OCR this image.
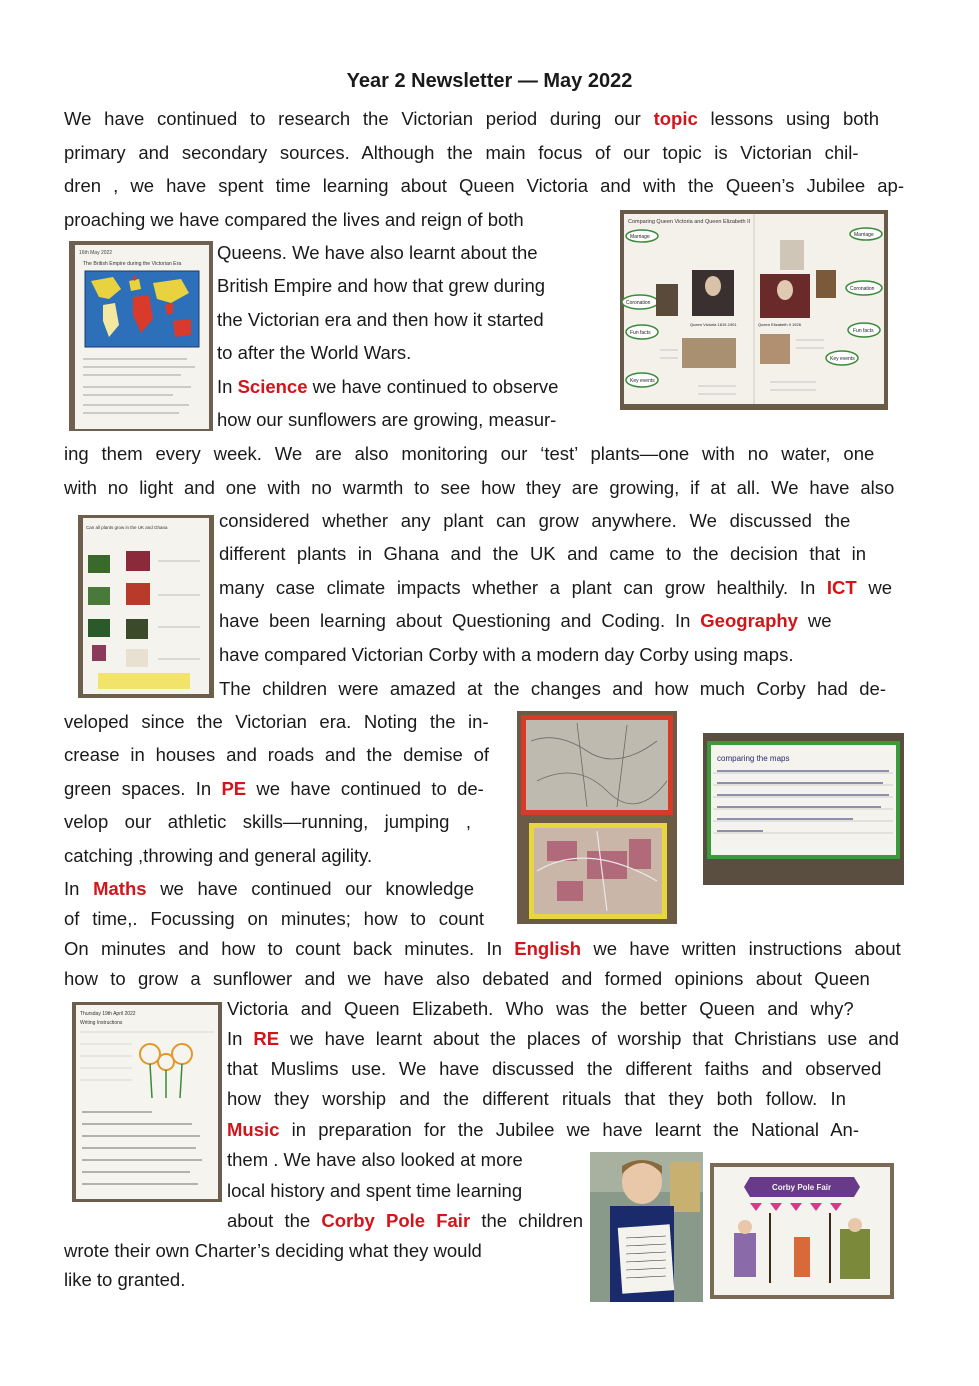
Year 2 Newsletter — May 2022
We have continued to research the Victorian period during our topic lessons using both
primary and secondary sources. Although the main focus of our topic is Victorian chil-
dren , we have spent time learning about Queen Victoria and with the Queen’s Jubilee ap-
proaching we have compared the lives and reign of both
Queens. We have also learnt about the
British Empire and how that grew during
the Victorian era and then how it started
to after the World Wars.
In Science we have continued to observe
how our sunflowers are growing, measur-
ing them every week. We are also monitoring our ‘test’ plants—one with no water, one
with no light and one with no warmth to see how they are growing, if at all. We have also
considered whether any plant can grow anywhere. We discussed the
different plants in Ghana and the UK and came to the decision that in
many case climate impacts whether a plant can grow healthily. In ICT we
have been learning about Questioning and Coding. In Geography we
have compared Victorian Corby with a modern day Corby using maps.
The children were amazed at the changes and how much Corby had de-
veloped since the Victorian era. Noting the in-
crease in houses and roads and the demise of
green spaces. In PE we have continued to de-
velop our athletic skills—running, jumping ,
catching ,throwing and general agility.
In Maths we have continued our knowledge
of time,. Focussing on minutes; how to count
On minutes and how to count back minutes. In English we have written instructions about
how to grow a sunflower and we have also debated and formed opinions about Queen
Victoria and Queen Elizabeth. Who was the better Queen and why?
In RE we have learnt about the places of worship that Christians use and
that Muslims use. We have discussed the different faiths and observed
how they worship and the different rituals that they both follow. In
Music in preparation for the Jubilee we have learnt the National An-
them . We have also looked at more
local history and spent time learning
about the Corby Pole Fair the children
wrote their own Charter’s deciding what they would
like to granted.
16th May 2022
The British Empire during the Victorian Era
Comparing Queen Victoria and Queen Elizabeth II
Marriage	Marriage
Coronation
Coronation
Fun facts	Fun facts
Key events
Key events
Queen Victoria 1819-1901	Queen Elizabeth II 1926
Can all plants grow in the UK and Ghana
comparing the maps
Thursday 19th April 2022
Writing Instructions
Corby Pole Fair
